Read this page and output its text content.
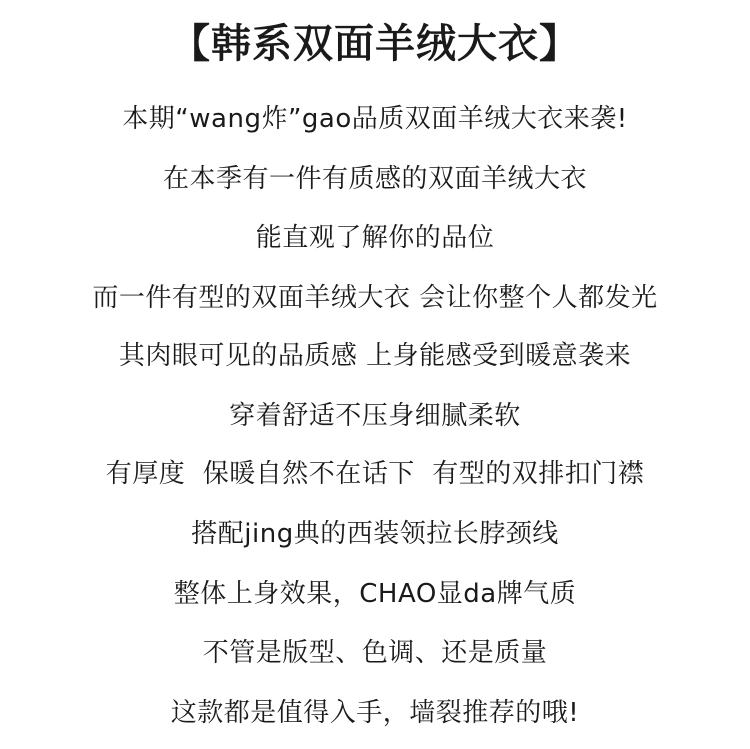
【韩系双面羊绒大衣】
本期“wang炸”gao品质双面羊绒大衣来袭!
在本季有一件有质感的双面羊绒大衣
能直观了解你的品位
而一件有型的双面羊绒大衣 会让你整个人都发光
其肉眼可见的品质感 上身能感受到暖意袭来
穿着舒适不压身细腻柔软
有厚度  保暖自然不在话下  有型的双排扣门襟
搭配jing典的西装领拉长脖颈线
整体上身效果，CHAO显da牌气质
不管是版型、色调、还是质量
这款都是值得入手，墙裂推荐的哦!
